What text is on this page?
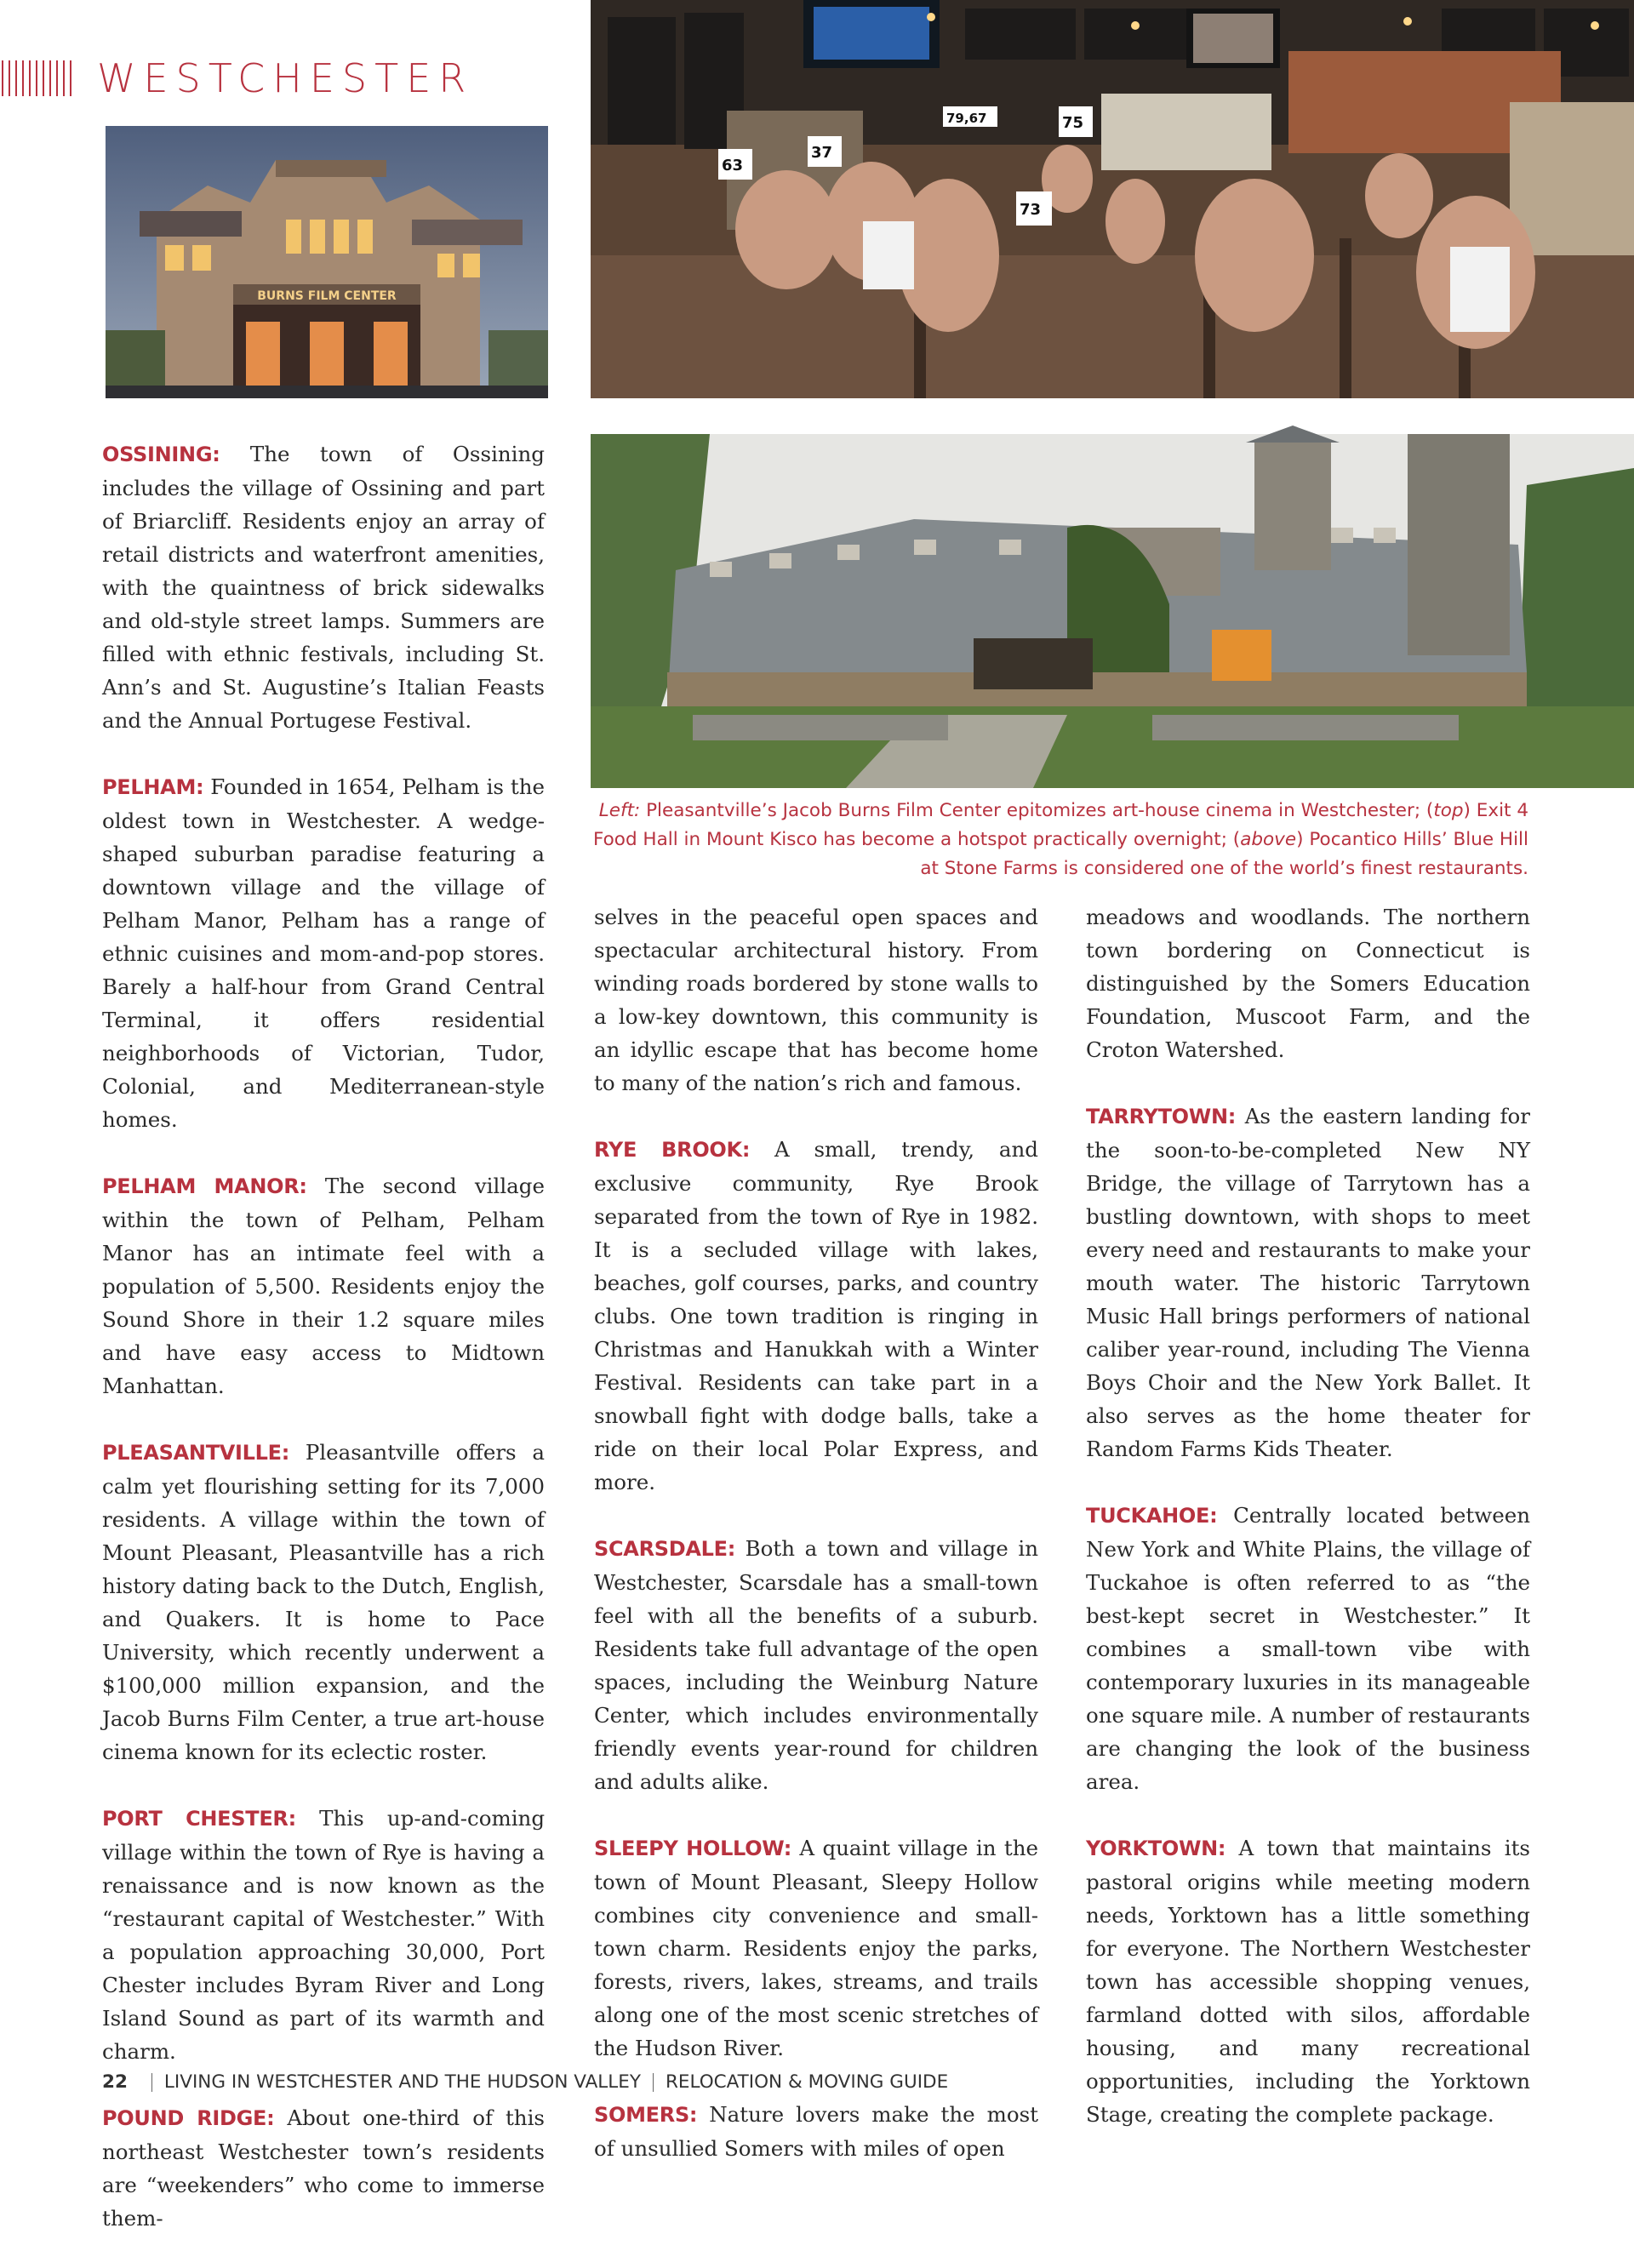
WESTCHESTER
BURNS FILM CENTER
63
37
79,67	75
73
Left: Pleasantville’s Jacob Burns Film Center epitomizes art-house cinema in Westchester; (top) Exit 4 Food Hall in Mount Kisco has become a hotspot practically overnight; (above) Pocantico Hills’ Blue Hill at Stone Farms is considered one of the world’s finest restaurants.

OSSINING: The town of Ossining includes the village of Ossining and part of Briarcliff. Residents enjoy an array of retail districts and waterfront amenities, with the quaintness of brick sidewalks and old-style street lamps. Summers are filled with ethnic festivals, including St. Ann’s and St. Augustine’s Italian Feasts and the Annual Portugese Festival.

PELHAM: Founded in 1654, Pelham is the oldest town in Westchester. A wedge-shaped suburban paradise featuring a downtown village and the village of Pelham Manor, Pelham has a range of ethnic cuisines and mom-and-pop stores. Barely a half-hour from Grand Central Terminal, it offers residential neighborhoods of Victorian, Tudor, Colonial, and Mediterranean-style homes.

PELHAM MANOR: The second village within the town of Pelham, Pelham Manor has an intimate feel with a population of 5,500. Residents enjoy the Sound Shore in their 1.2 square miles and have easy access to Midtown Manhattan.

PLEASANTVILLE: Pleasantville offers a calm yet flourishing setting for its 7,000 residents. A village within the town of Mount Pleasant, Pleasantville has a rich history dating back to the Dutch, English, and Quakers. It is home to Pace University, which recently underwent a $100,000 million expansion, and the Jacob Burns Film Center, a true art-house cinema known for its eclectic roster.

PORT CHESTER: This up-and-coming village within the town of Rye is having a renaissance and is now known as the “restaurant capital of Westchester.” With a population approaching 30,000, Port Chester includes Byram River and Long Island Sound as part of its warmth and charm.

POUND RIDGE: About one-third of this northeast Westchester town’s residents are “weekenders” who come to immerse them-

selves in the peaceful open spaces and spectacular architectural history. From winding roads bordered by stone walls to a low-key downtown, this community is an idyllic escape that has become home to many of the nation’s rich and famous.

RYE BROOK: A small, trendy, and exclusive community, Rye Brook separated from the town of Rye in 1982. It is a secluded village with lakes, beaches, golf courses, parks, and country clubs. One town tradition is ringing in Christmas and Hanukkah with a Winter Festival. Residents can take part in a snowball fight with dodge balls, take a ride on their local Polar Express, and more.

SCARSDALE: Both a town and village in Westchester, Scarsdale has a small-town feel with all the benefits of a suburb. Residents take full advantage of the open spaces, including the Weinburg Nature Center, which includes environmentally friendly events year-round for children and adults alike.

SLEEPY HOLLOW: A quaint village in the town of Mount Pleasant, Sleepy Hollow combines city convenience and small-town charm. Residents enjoy the parks, forests, rivers, lakes, streams, and trails along one of the most scenic stretches of the Hudson River.

SOMERS: Nature lovers make the most of unsullied Somers with miles of open

meadows and woodlands. The northern town bordering on Connecticut is distinguished by the Somers Education Foundation, Muscoot Farm, and the Croton Watershed.

TARRYTOWN: As the eastern landing for the soon-to-be-completed New NY Bridge, the village of Tarrytown has a bustling downtown, with shops to meet every need and restaurants to make your mouth water. The historic Tarrytown Music Hall brings performers of national caliber year-round, including The Vienna Boys Choir and the New York Ballet. It also serves as the home theater for Random Farms Kids Theater.

TUCKAHOE: Centrally located between New York and White Plains, the village of Tuckahoe is often referred to as “the best-kept secret in Westchester.” It combines a small-town vibe with contemporary luxuries in its manageable one square mile. A number of restaurants are changing the look of the business area.

YORKTOWN: A town that maintains its pastoral origins while meeting modern needs, Yorktown has a little something for everyone. The Northern Westchester town has accessible shopping venues, farmland dotted with silos, affordable housing, and many recreational opportunities, including the Yorktown Stage, creating the complete package.

22 LIVING IN WESTCHESTER AND THE HUDSON VALLEY RELOCATION & MOVING GUIDE
